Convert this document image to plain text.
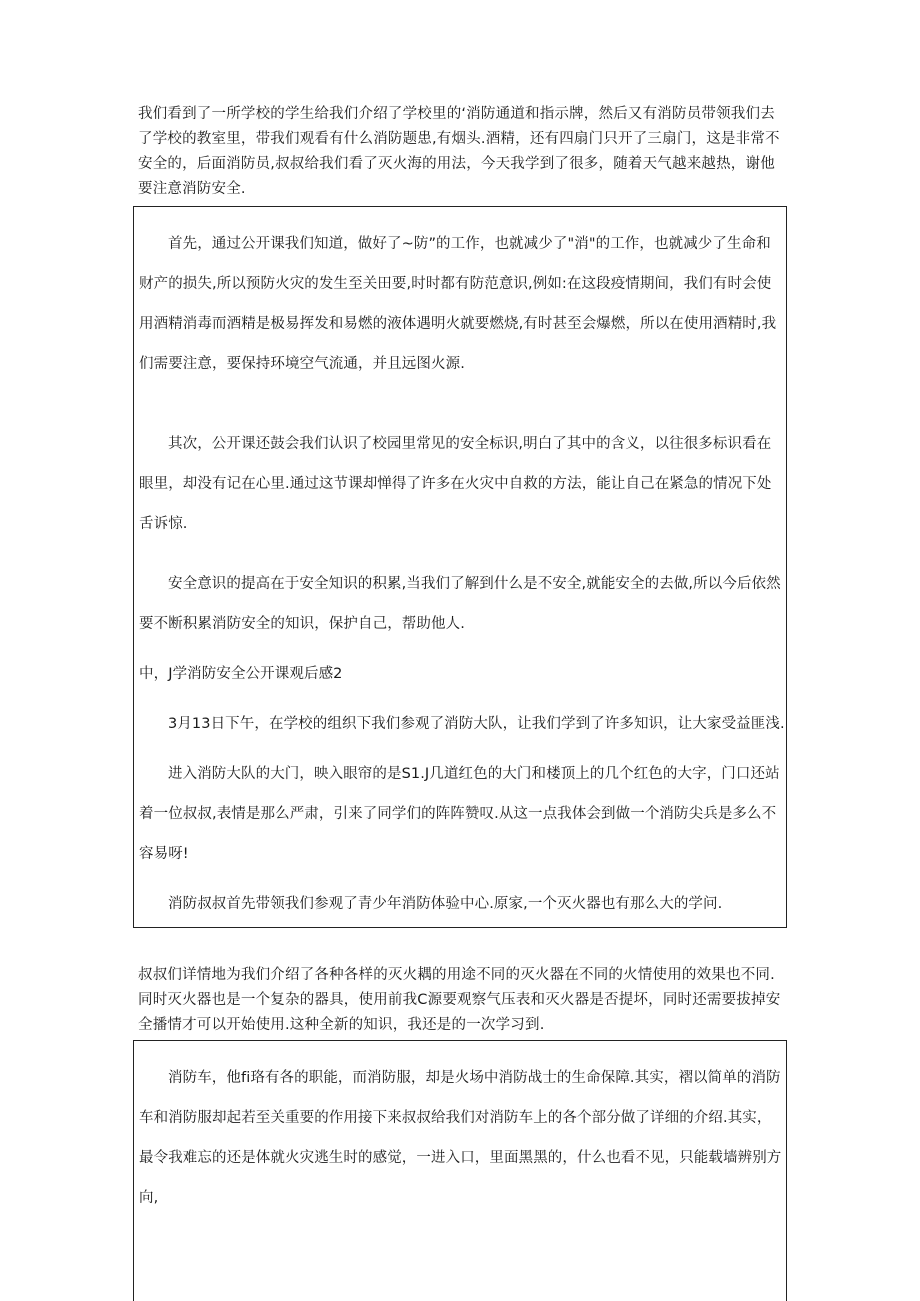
我们看到了一所学校的学生给我们介绍了学校里的‘消防通道和指示牌，然后又有消防员带领我们去了学校的教室里，带我们观看有什么消防题患,有烟头.酒精，还有四扇门只开了三扇门，这是非常不安全的，后面消防员,叔叔给我们看了灭火海的用法，今天我学到了很多，随着天气越来越热，谢他要注意消防安全.

首先，通过公开课我们知道，做好了~防”的工作，也就减少了"消"的工作，也就减少了生命和财产的损失,所以预防火灾的发生至关田要,时时都有防范意识,例如:在这段疫情期间，我们有时会使用酒精消毒而酒精是极易挥发和易燃的液体遇明火就要燃烧,有时甚至会爆燃，所以在使用酒精时,我们需要注意，要保持环境空气流通，并且远图火源.

其次，公开课还鼓会我们认识了校园里常见的安全标识,明白了其中的含义，以往很多标识看在眼里，却没有记在心里.通过这节课却惮得了许多在火灾中自救的方法，能让自己在紧急的情况下处舌诉惊.

安全意识的提高在于安全知识的积累,当我们了解到什么是不安全,就能安全的去做,所以今后依然要不断积累消防安全的知识，保护自己，帮助他人.

中，J学消防安全公开课观后感2

3月13日下午，在学校的组织下我们参观了消防大队，让我们学到了许多知识，让大家受益匪浅.

进入消防大队的大门，映入眼帘的是S1.J几道红色的大门和楼顶上的几个红色的大字，门口还站着一位叔叔,表情是那么严肃，引来了同学们的阵阵赞叹.从这一点我体会到做一个消防尖兵是多么不容易呀!

消防叔叔首先带领我们参观了青少年消防体验中心.原家,一个灭火器也有那么大的学问.

叔叔们详情地为我们介绍了各种各样的灭火耦的用途不同的灭火器在不同的火情使用的效果也不同.同时灭火器也是一个复杂的器具，使用前我C源要观察气压表和灭火器是否提坏，同时还需要拔掉安全播情才可以开始使用.这种全新的知识，我还是的一次学习到.

消防车，他fi珞有各的职能，而消防服，却是火场中消防战士的生命保障.其实，褶以简单的消防车和消防服却起若至关重要的作用接下来叔叔给我们对消防车上的各个部分做了详细的介绍.其实，最令我难忘的还是体就火灾逃生时的感觉，一进入口，里面黑黑的，什么也看不见，只能载墙辨别方向,
